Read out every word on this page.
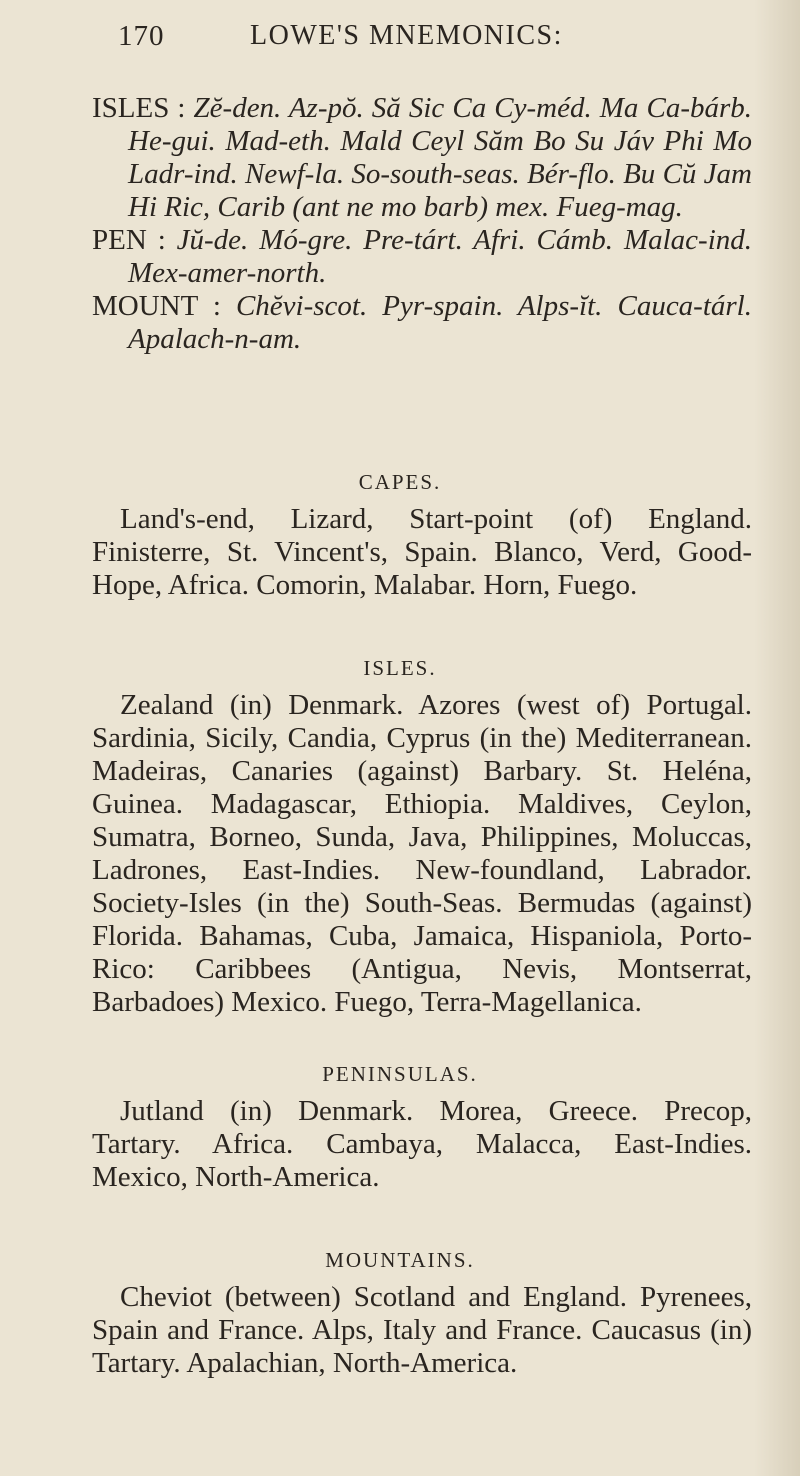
170	LOWE'S MNEMONICS:

ISLES : Zĕ-den. Az-pŏ. Să Sic Ca Cy-méd. Ma Ca-bárb. He-gui. Mad-eth. Mald Ceyl Săm Bo Su Jáv Phi Mo Ladr-ind. Newf-la. So-south-seas. Bér-flo. Bu Cŭ Jam Hi Ric, Carib (ant ne mo barb) mex. Fueg-mag.

PEN : Jŭ-de. Mó-gre. Pre-tárt. Afri. Cámb. Malac-ind. Mex-amer-north.

MOUNT : Chĕvi-scot. Pyr-spain. Alps-ĭt. Cauca-tárl. Apalach-n-am.

CAPES.

Land's-end, Lizard, Start-point (of) England. Finisterre, St. Vincent's, Spain. Blanco, Verd, Good-Hope, Africa. Comorin, Malabar. Horn, Fuego.

ISLES.

Zealand (in) Denmark. Azores (west of) Portugal. Sardinia, Sicily, Candia, Cyprus (in the) Mediterranean. Madeiras, Canaries (against) Barbary. St. Heléna, Guinea. Madagascar, Ethiopia. Maldives, Ceylon, Sumatra, Borneo, Sunda, Java, Philippines, Moluccas, Ladrones, East-Indies. New-foundland, Labrador. Society-Isles (in the) South-Seas. Bermudas (against) Florida. Bahamas, Cuba, Jamaica, Hispaniola, Porto-Rico: Caribbees (Antigua, Nevis, Montserrat, Barbadoes) Mexico. Fuego, Terra-Magellanica.

PENINSULAS.

Jutland (in) Denmark. Morea, Greece. Precop, Tartary. Africa. Cambaya, Malacca, East-Indies. Mexico, North-America.

MOUNTAINS.

Cheviot (between) Scotland and England. Pyrenees, Spain and France. Alps, Italy and France. Caucasus (in) Tartary. Apalachian, North-America.
